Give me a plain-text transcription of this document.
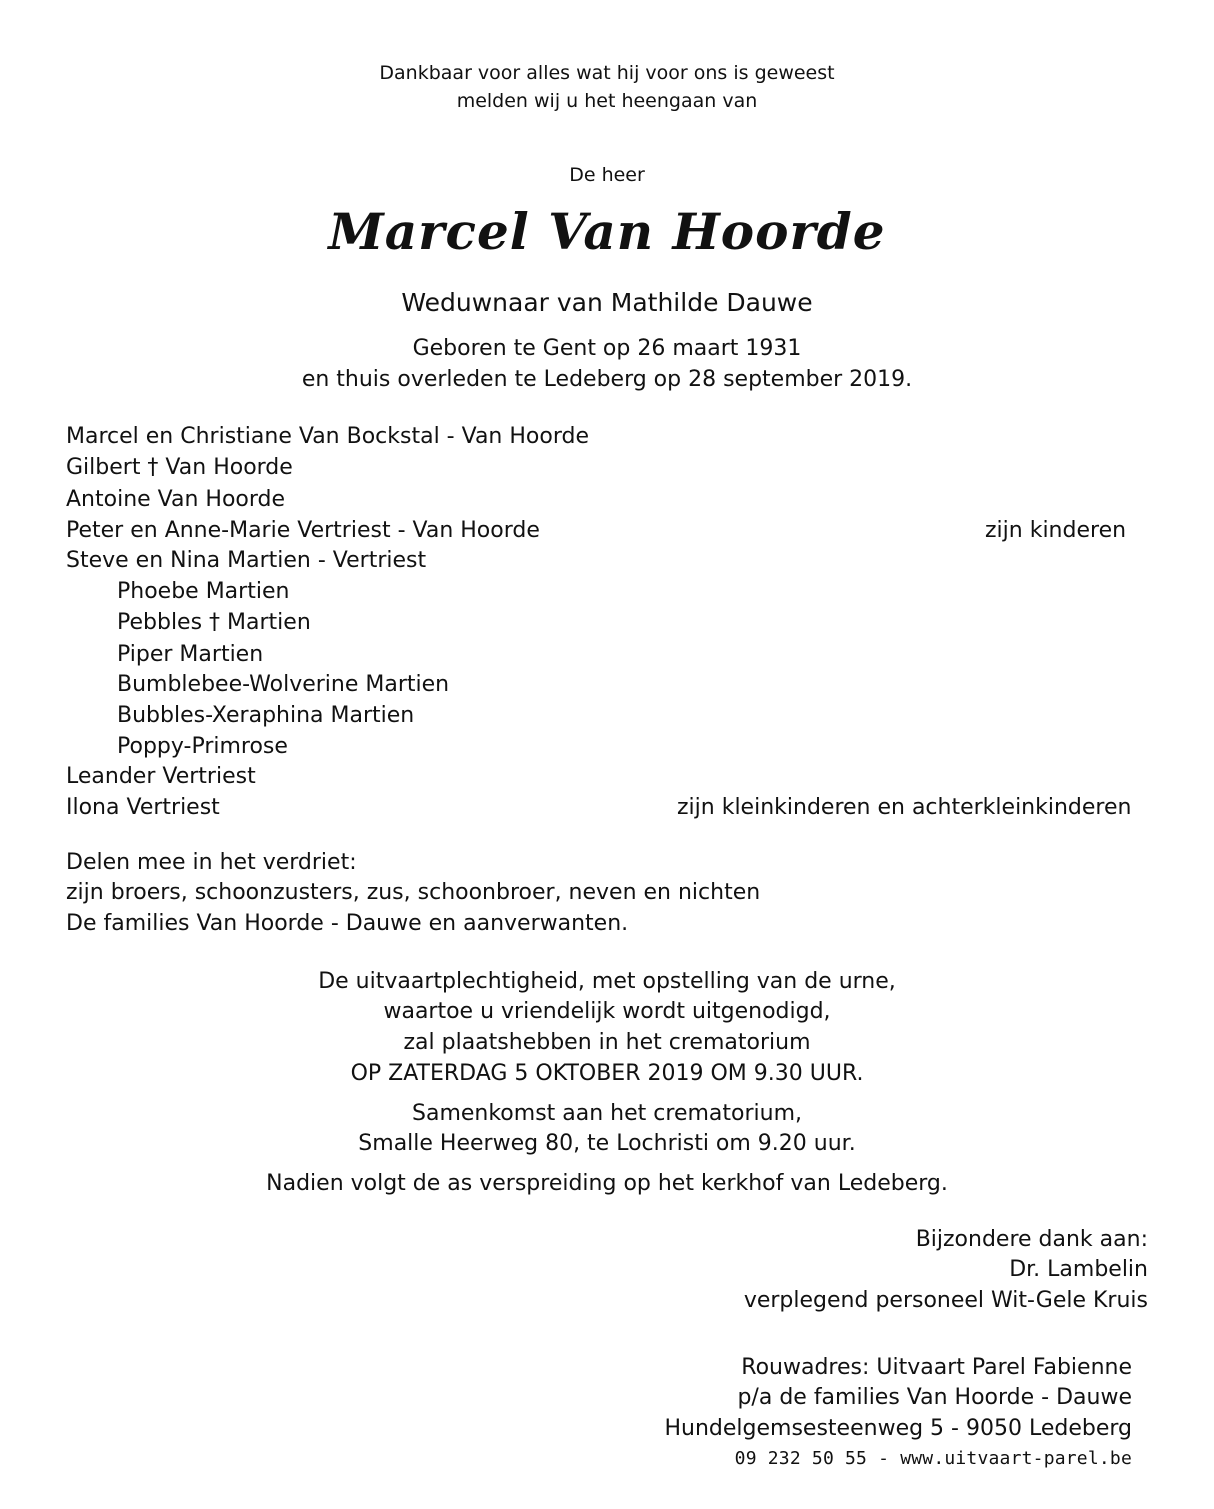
Dankbaar voor alles wat hij voor ons is geweest
melden wij u het heengaan van
De heer
Marcel Van Hoorde
Weduwnaar van Mathilde Dauwe
Geboren te Gent op 26 maart 1931
en thuis overleden te Ledeberg op 28 september 2019.
Marcel en Christiane Van Bockstal - Van Hoorde
Gilbert † Van Hoorde
Antoine Van Hoorde
Peter en Anne-Marie Vertriest - Van Hoorde	zijn kinderen
Steve en Nina Martien - Vertriest
Phoebe Martien
Pebbles † Martien
Piper Martien
Bumblebee-Wolverine Martien
Bubbles-Xeraphina Martien
Poppy-Primrose
Leander Vertriest
Ilona Vertriest	zijn kleinkinderen en achterkleinkinderen
Delen mee in het verdriet:
zijn broers, schoonzusters, zus, schoonbroer, neven en nichten
De families Van Hoorde - Dauwe en aanverwanten.
De uitvaartplechtigheid, met opstelling van de urne,
waartoe u vriendelijk wordt uitgenodigd,
zal plaatshebben in het crematorium
OP ZATERDAG 5 OKTOBER 2019 OM 9.30 UUR.
Samenkomst aan het crematorium,
Smalle Heerweg 80, te Lochristi om 9.20 uur.
Nadien volgt de as verspreiding op het kerkhof van Ledeberg.
Bijzondere dank aan:
Dr. Lambelin
verplegend personeel Wit-Gele Kruis
Rouwadres: Uitvaart Parel Fabienne
p/a de families Van Hoorde - Dauwe
Hundelgemsesteenweg 5 - 9050 Ledeberg
09 232 50 55 - www.uitvaart-parel.be
